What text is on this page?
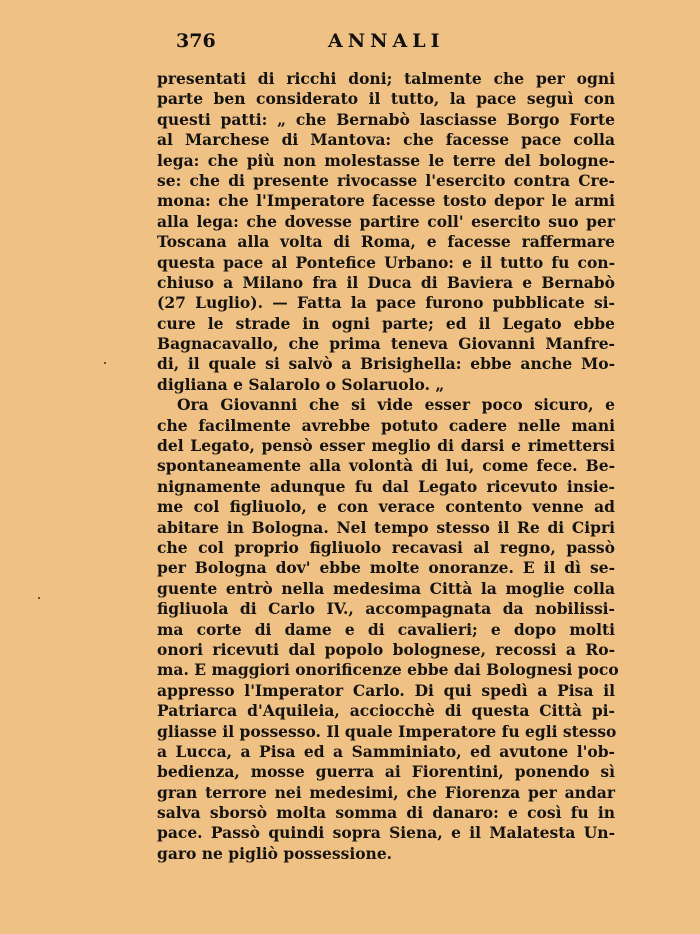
376	ANNALI
presentati di ricchi doni; talmente che per ogni
parte ben considerato il tutto, la pace seguì con
questi patti: „ che Bernabò lasciasse Borgo Forte
al Marchese di Mantova: che facesse pace colla
lega: che più non molestasse le terre del bologne-
se: che di presente rivocasse l'esercito contra Cre-
mona: che l'Imperatore facesse tosto depor le armi
alla lega: che dovesse partire coll' esercito suo per
Toscana alla volta di Roma, e facesse raffermare
questa pace al Pontefice Urbano: e il tutto fu con-
chiuso a Milano fra il Duca di Baviera e Bernabò
(27 Luglio). — Fatta la pace furono pubblicate si-
cure le strade in ogni parte; ed il Legato ebbe
Bagnacavallo, che prima teneva Giovanni Manfre-
di, il quale si salvò a Brisighella: ebbe anche Mo-
digliana e Salarolo o Solaruolo. „
Ora Giovanni che si vide esser poco sicuro, e
che facilmente avrebbe potuto cadere nelle mani
del Legato, pensò esser meglio di darsi e rimettersi
spontaneamente alla volontà di lui, come fece. Be-
nignamente adunque fu dal Legato ricevuto insie-
me col figliuolo, e con verace contento venne ad
abitare in Bologna. Nel tempo stesso il Re di Cipri
che col proprio figliuolo recavasi al regno, passò
per Bologna dov' ebbe molte onoranze. E il dì se-
guente entrò nella medesima Città la moglie colla
figliuola di Carlo IV., accompagnata da nobilissi-
ma corte di dame e di cavalieri; e dopo molti
onori ricevuti dal popolo bolognese, recossi a Ro-
ma. E maggiori onorificenze ebbe dai Bolognesi poco
appresso l'Imperator Carlo. Di qui spedì a Pisa il
Patriarca d'Aquileia, acciocchè di questa Città pi-
gliasse il possesso. Il quale Imperatore fu egli stesso
a Lucca, a Pisa ed a Samminiato, ed avutone l'ob-
bedienza, mosse guerra ai Fiorentini, ponendo sì
gran terrore nei medesimi, che Fiorenza per andar
salva sborsò molta somma di danaro: e così fu in
pace. Passò quindi sopra Siena, e il Malatesta Un-
garo ne pigliò possessione.
